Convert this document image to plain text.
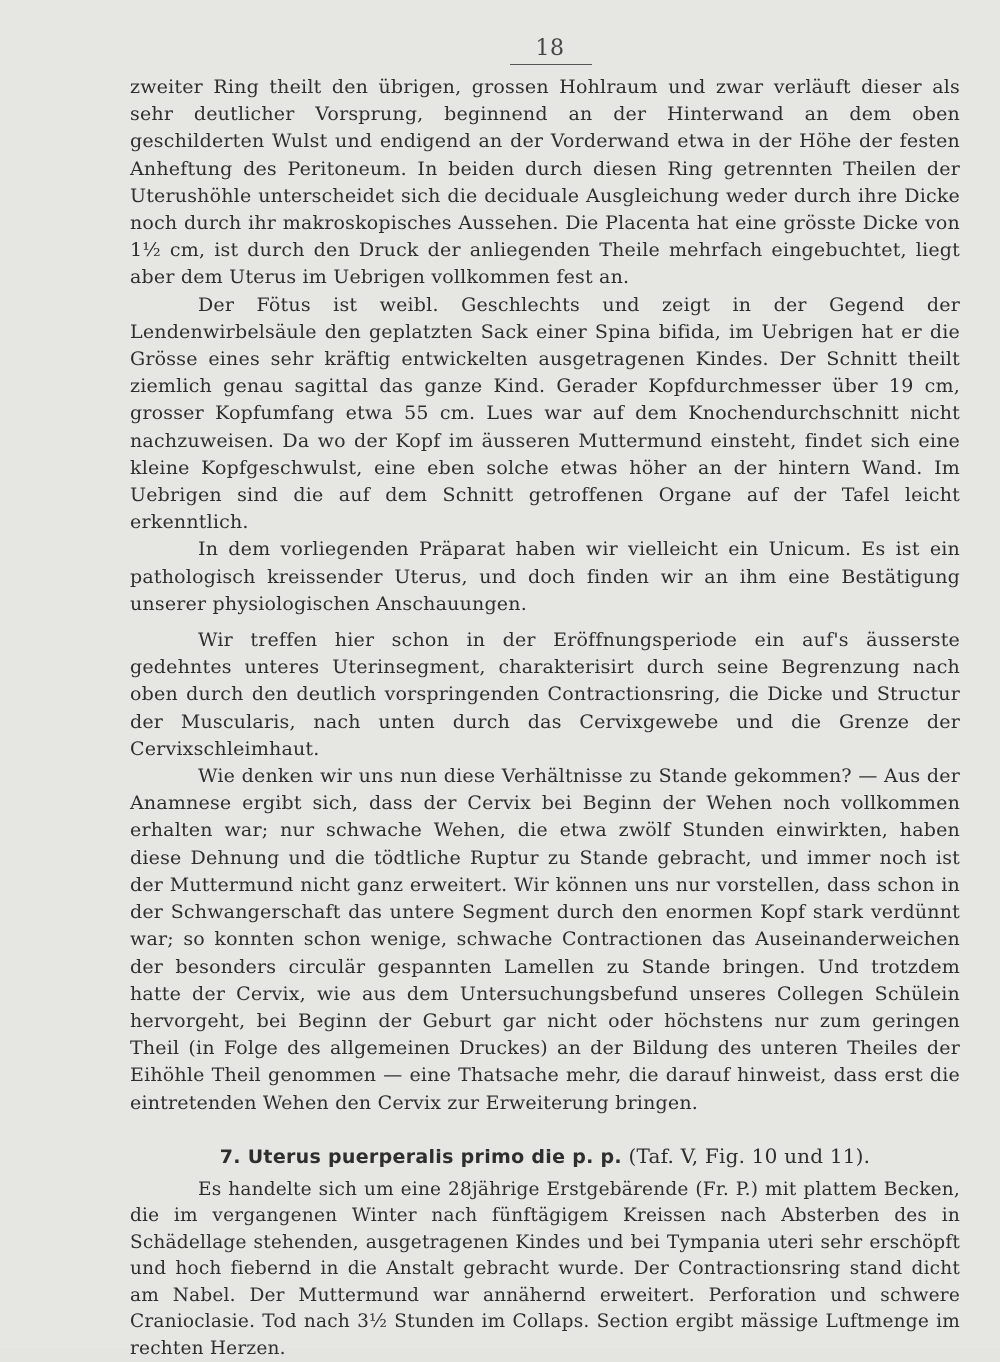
18

zweiter Ring theilt den übrigen, grossen Hohlraum und zwar verläuft dieser als sehr deutlicher Vorsprung, beginnend an der Hinterwand an dem oben geschilderten Wulst und endigend an der Vorderwand etwa in der Höhe der festen Anheftung des Peritoneum. In beiden durch diesen Ring getrennten Theilen der Uterushöhle unterscheidet sich die deciduale Ausgleichung weder durch ihre Dicke noch durch ihr makroskopisches Aussehen. Die Placenta hat eine grösste Dicke von 1½ cm, ist durch den Druck der anliegenden Theile mehrfach eingebuchtet, liegt aber dem Uterus im Uebrigen vollkommen fest an.

Der Fötus ist weibl. Geschlechts und zeigt in der Gegend der Lendenwirbelsäule den geplatzten Sack einer Spina bifida, im Uebrigen hat er die Grösse eines sehr kräftig entwickelten ausgetragenen Kindes. Der Schnitt theilt ziemlich genau sagittal das ganze Kind. Gerader Kopfdurchmesser über 19 cm, grosser Kopfumfang etwa 55 cm. Lues war auf dem Knochendurchschnitt nicht nachzuweisen. Da wo der Kopf im äusseren Muttermund einsteht, findet sich eine kleine Kopfgeschwulst, eine eben solche etwas höher an der hintern Wand. Im Uebrigen sind die auf dem Schnitt getroffenen Organe auf der Tafel leicht erkenntlich.

In dem vorliegenden Präparat haben wir vielleicht ein Unicum. Es ist ein pathologisch kreissender Uterus, und doch finden wir an ihm eine Bestätigung unserer physiologischen Anschauungen.

Wir treffen hier schon in der Eröffnungsperiode ein auf's äusserste gedehntes unteres Uterinsegment, charakterisirt durch seine Begrenzung nach oben durch den deutlich vorspringenden Contractionsring, die Dicke und Structur der Muscularis, nach unten durch das Cervixgewebe und die Grenze der Cervixschleimhaut.

Wie denken wir uns nun diese Verhältnisse zu Stande gekommen? — Aus der Anamnese ergibt sich, dass der Cervix bei Beginn der Wehen noch vollkommen erhalten war; nur schwache Wehen, die etwa zwölf Stunden einwirkten, haben diese Dehnung und die tödtliche Ruptur zu Stande gebracht, und immer noch ist der Muttermund nicht ganz erweitert. Wir können uns nur vorstellen, dass schon in der Schwangerschaft das untere Segment durch den enormen Kopf stark verdünnt war; so konnten schon wenige, schwache Contractionen das Auseinanderweichen der besonders circulär gespannten Lamellen zu Stande bringen. Und trotzdem hatte der Cervix, wie aus dem Untersuchungsbefund unseres Collegen Schülein hervorgeht, bei Beginn der Geburt gar nicht oder höchstens nur zum geringen Theil (in Folge des allgemeinen Druckes) an der Bildung des unteren Theiles der Eihöhle Theil genommen — eine Thatsache mehr, die darauf hinweist, dass erst die eintretenden Wehen den Cervix zur Erweiterung bringen.

7. Uterus puerperalis primo die p. p. (Taf. V, Fig. 10 und 11).

Es handelte sich um eine 28jährige Erstgebärende (Fr. P.) mit plattem Becken, die im vergangenen Winter nach fünftägigem Kreissen nach Absterben des in Schädellage stehenden, ausgetragenen Kindes und bei Tympania uteri sehr erschöpft und hoch fiebernd in die Anstalt gebracht wurde. Der Contractionsring stand dicht am Nabel. Der Muttermund war annähernd erweitert. Perforation und schwere Cranioclasie. Tod nach 3½ Stunden im Collaps. Section ergibt mässige Luftmenge im rechten Herzen.
